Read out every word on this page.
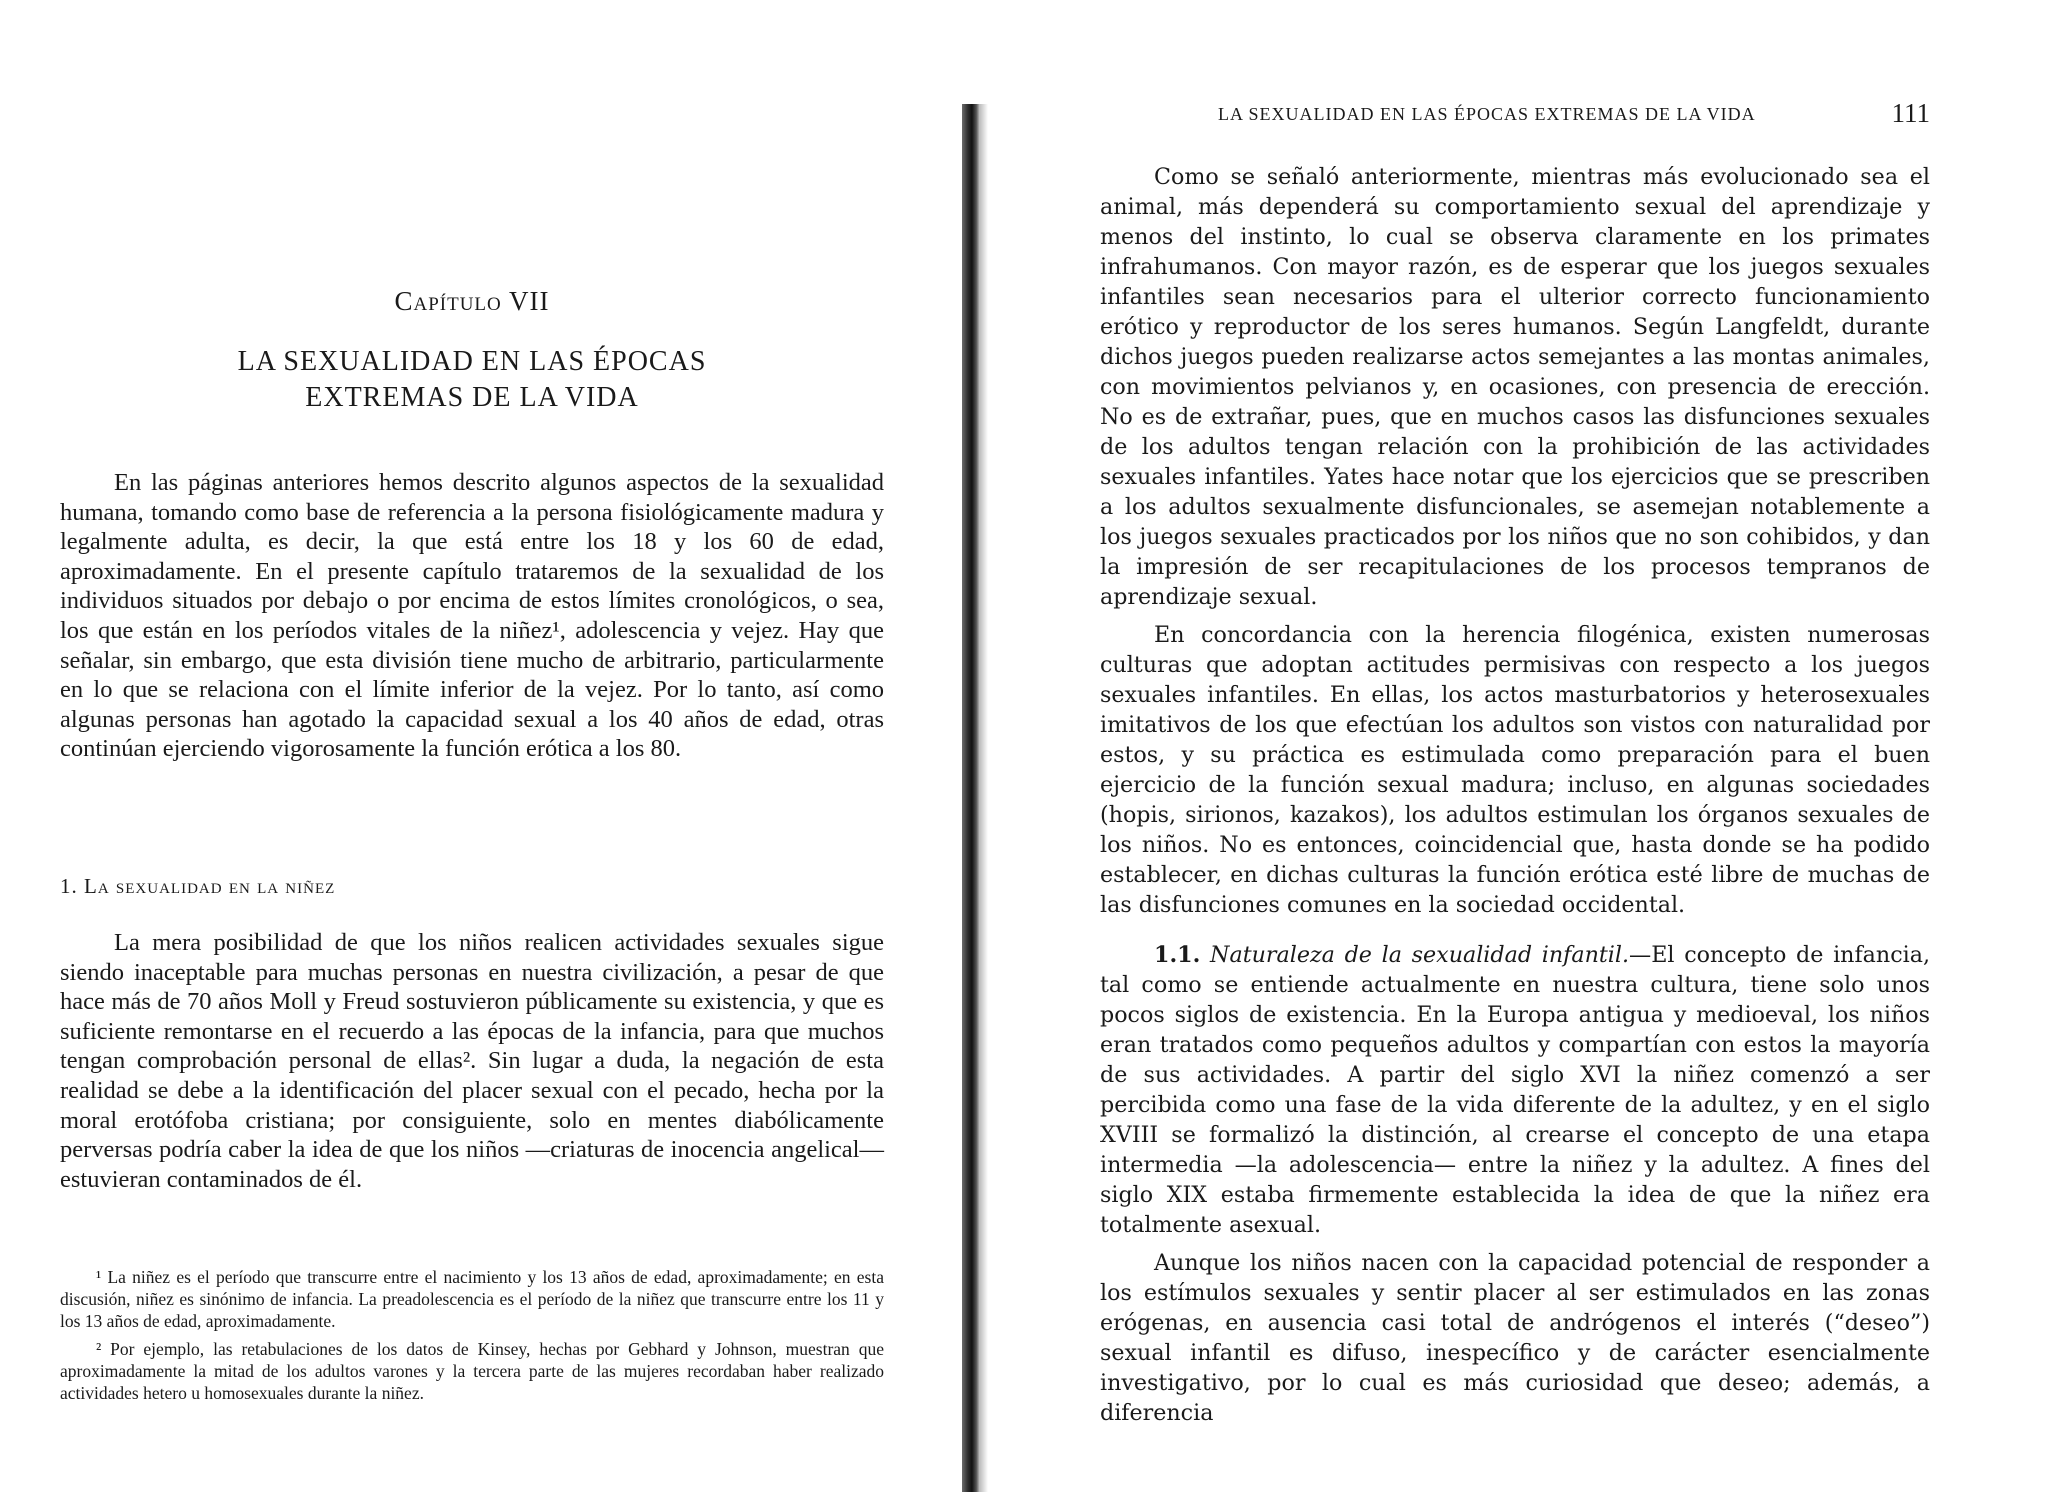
Capítulo VII
LA SEXUALIDAD EN LAS ÉPOCAS
EXTREMAS DE LA VIDA

En las páginas anteriores hemos descrito algunos aspectos de la sexualidad humana, tomando como base de referencia a la persona fisiológicamente madura y legalmente adulta, es decir, la que está entre los 18 y los 60 de edad, aproximadamente. En el presente capítulo trataremos de la sexualidad de los individuos situados por debajo o por encima de estos límites cronológicos, o sea, los que están en los períodos vitales de la niñez¹, adolescencia y vejez. Hay que señalar, sin embargo, que esta división tiene mucho de arbitrario, particularmente en lo que se relaciona con el límite inferior de la vejez. Por lo tanto, así como algunas personas han agotado la capacidad sexual a los 40 años de edad, otras continúan ejerciendo vigorosamente la función erótica a los 80.

1. La sexualidad en la niñez

La mera posibilidad de que los niños realicen actividades sexuales sigue siendo inaceptable para muchas personas en nuestra civilización, a pesar de que hace más de 70 años Moll y Freud sostuvieron públicamente su existencia, y que es suficiente remontarse en el recuerdo a las épocas de la infancia, para que muchos tengan comprobación personal de ellas². Sin lugar a duda, la negación de esta realidad se debe a la identificación del placer sexual con el pecado, hecha por la moral erotófoba cristiana; por consiguiente, solo en mentes diabólicamente perversas podría caber la idea de que los niños —criaturas de inocencia angelical— estuvieran contaminados de él.

¹ La niñez es el período que transcurre entre el nacimiento y los 13 años de edad, aproximadamente; en esta discusión, niñez es sinónimo de infancia. La preadolescencia es el período de la niñez que transcurre entre los 11 y los 13 años de edad, aproximadamente.

² Por ejemplo, las retabulaciones de los datos de Kinsey, hechas por Gebhard y Johnson, muestran que aproximadamente la mitad de los adultos varones y la tercera parte de las mujeres recordaban haber realizado actividades hetero u homosexuales durante la niñez.

LA SEXUALIDAD EN LAS ÉPOCAS EXTREMAS DE LA VIDA	111

Como se señaló anteriormente, mientras más evolucionado sea el animal, más dependerá su comportamiento sexual del aprendizaje y menos del instinto, lo cual se observa claramente en los primates infrahumanos. Con mayor razón, es de esperar que los juegos sexuales infantiles sean necesarios para el ulterior correcto funcionamiento erótico y reproductor de los seres humanos. Según Langfeldt, durante dichos juegos pueden realizarse actos semejantes a las montas animales, con movimientos pelvianos y, en ocasiones, con presencia de erección. No es de extrañar, pues, que en muchos casos las disfunciones sexuales de los adultos tengan relación con la prohibición de las actividades sexuales infantiles. Yates hace notar que los ejercicios que se prescriben a los adultos sexualmente disfuncionales, se asemejan notablemente a los juegos sexuales practicados por los niños que no son cohibidos, y dan la impresión de ser recapitulaciones de los procesos tempranos de aprendizaje sexual.

En concordancia con la herencia filogénica, existen numerosas culturas que adoptan actitudes permisivas con respecto a los juegos sexuales infantiles. En ellas, los actos masturbatorios y heterosexuales imitativos de los que efectúan los adultos son vistos con naturalidad por estos, y su práctica es estimulada como preparación para el buen ejercicio de la función sexual madura; incluso, en algunas sociedades (hopis, sirionos, kazakos), los adultos estimulan los órganos sexuales de los niños. No es entonces, coincidencial que, hasta donde se ha podido establecer, en dichas culturas la función erótica esté libre de muchas de las disfunciones comunes en la sociedad occidental.

1.1. Naturaleza de la sexualidad infantil.—El concepto de infancia, tal como se entiende actualmente en nuestra cultura, tiene solo unos pocos siglos de existencia. En la Europa antigua y medioeval, los niños eran tratados como pequeños adultos y compartían con estos la mayoría de sus actividades. A partir del siglo XVI la niñez comenzó a ser percibida como una fase de la vida diferente de la adultez, y en el siglo XVIII se formalizó la distinción, al crearse el concepto de una etapa intermedia —la adolescencia— entre la niñez y la adultez. A fines del siglo XIX estaba firmemente establecida la idea de que la niñez era totalmente asexual.

Aunque los niños nacen con la capacidad potencial de responder a los estímulos sexuales y sentir placer al ser estimulados en las zonas erógenas, en ausencia casi total de andrógenos el interés (“deseo”) sexual infantil es difuso, inespecífico y de carácter esencialmente investigativo, por lo cual es más curiosidad que deseo; además, a diferencia
